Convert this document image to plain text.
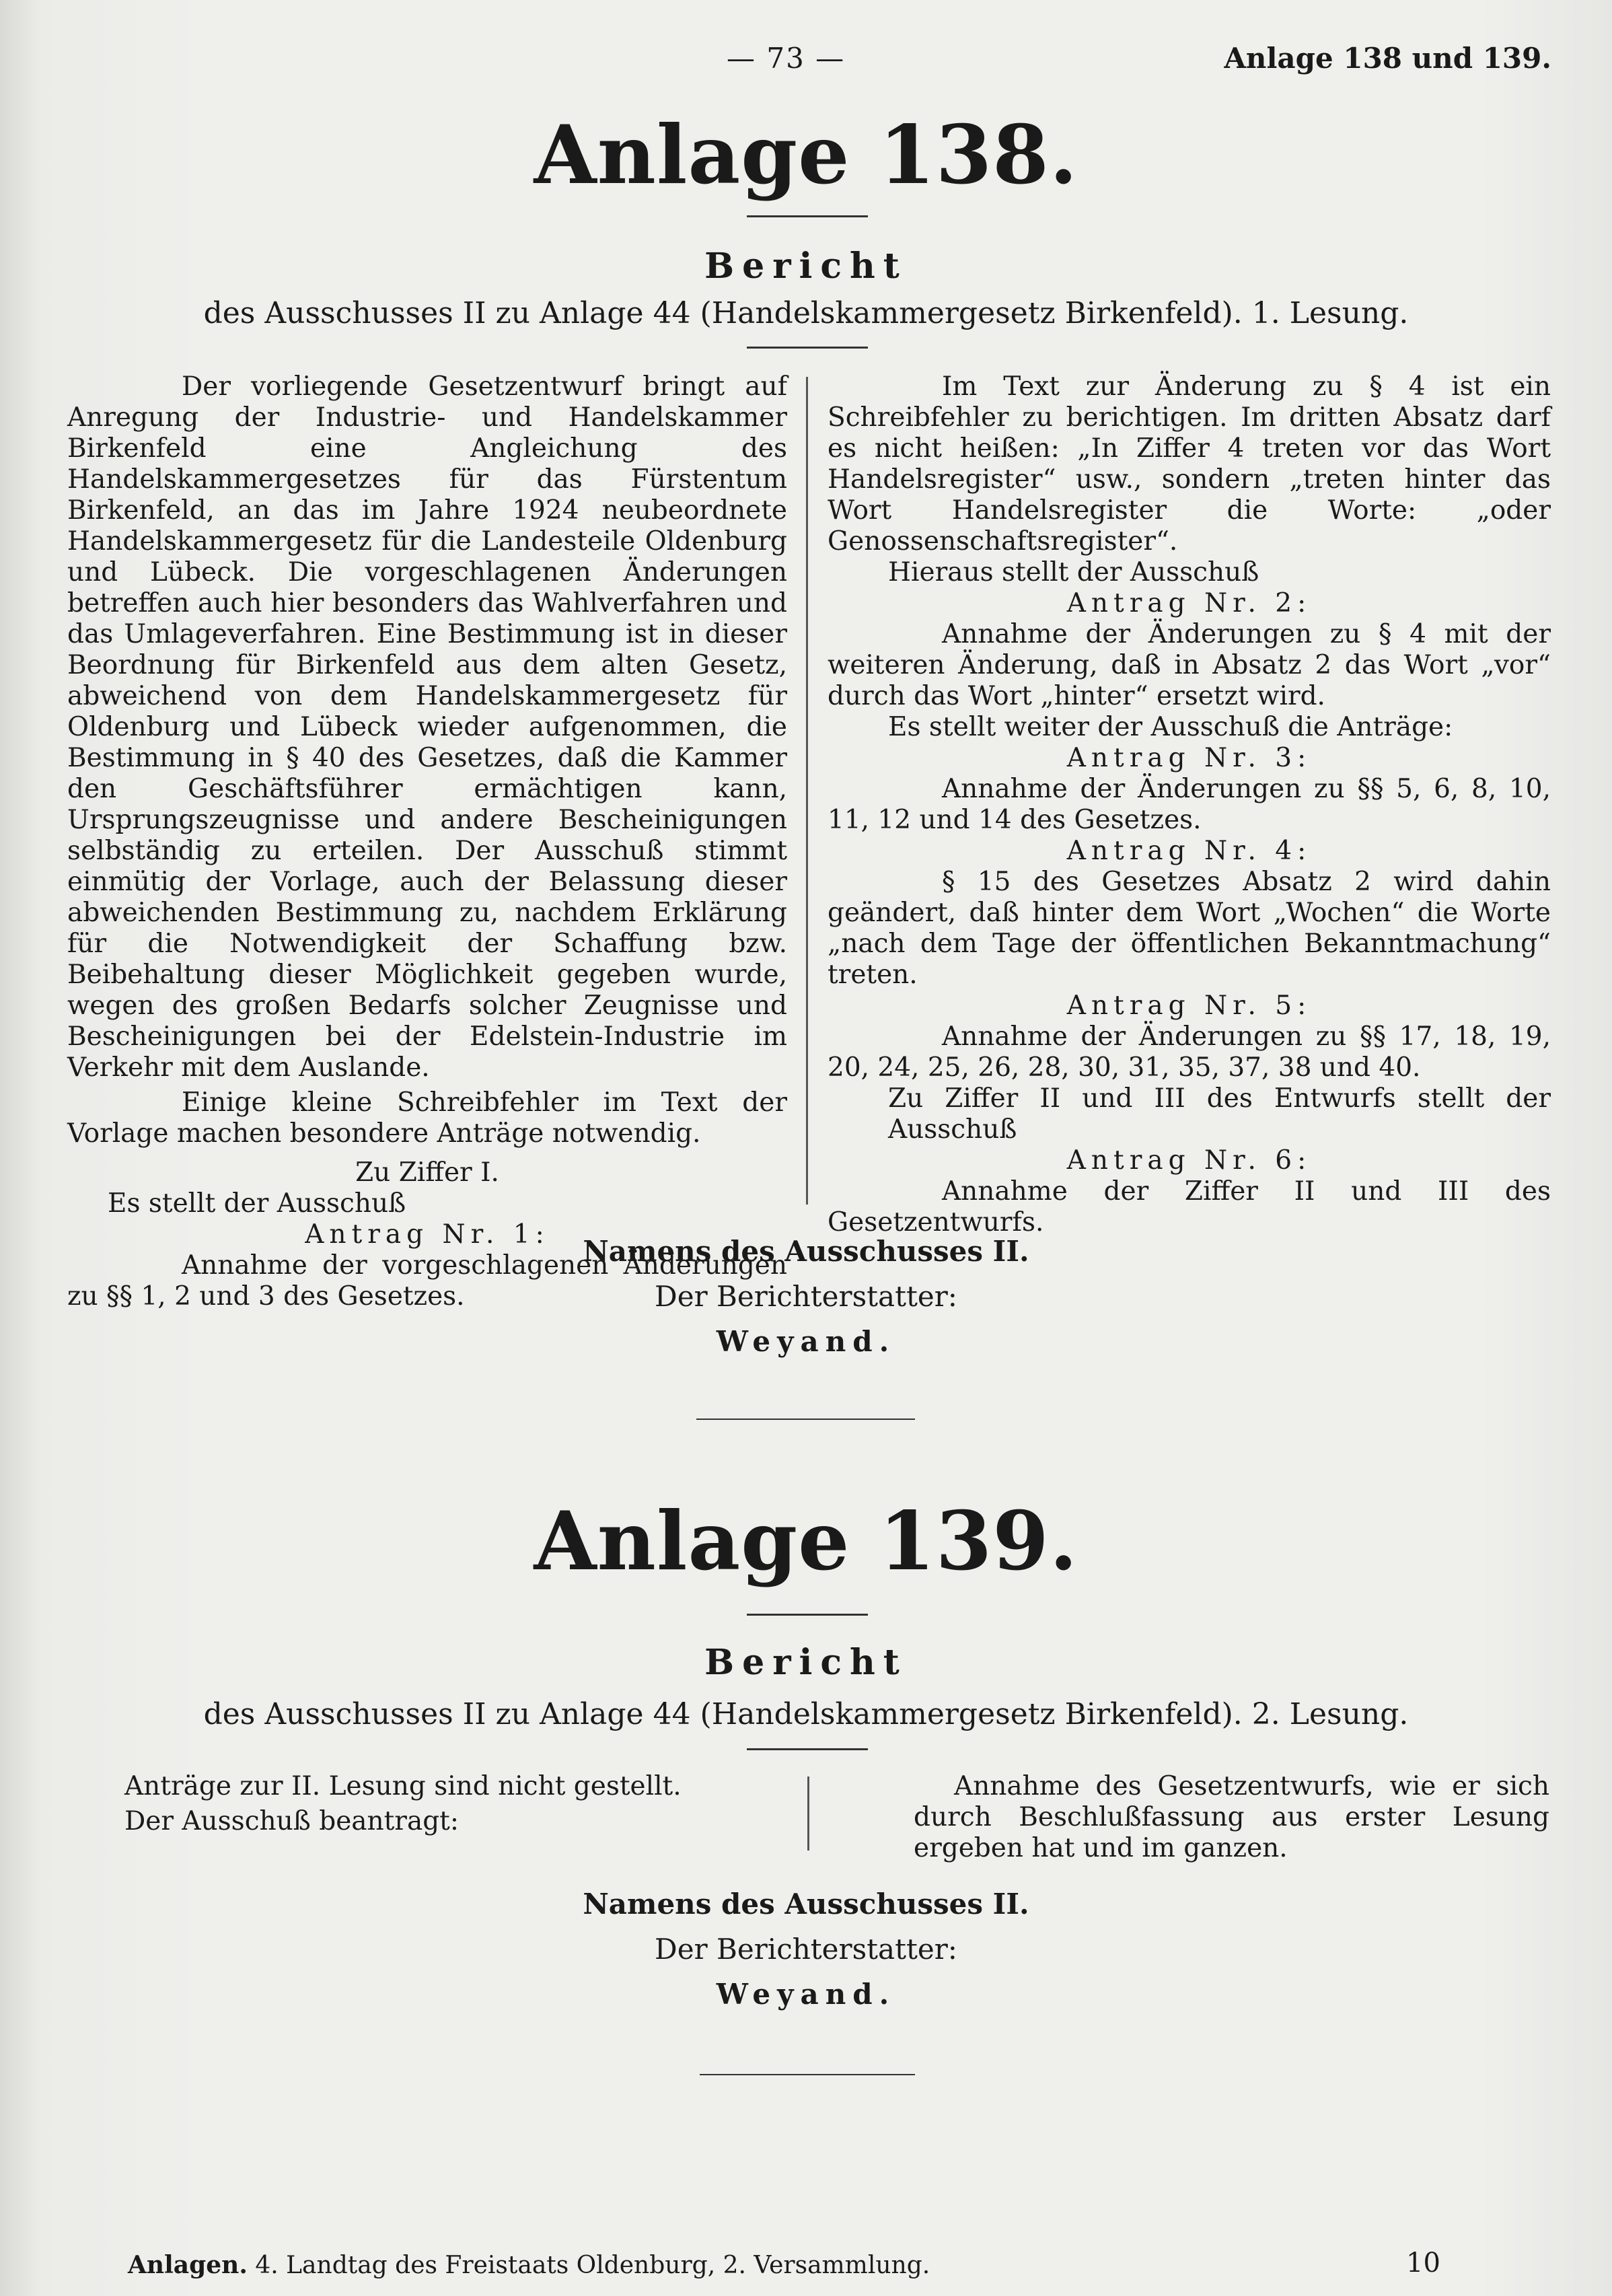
— 73 —	Anlage 138 und 139.
Anlage 138.
Bericht
des Ausschusses II zu Anlage 44 (Handelskammergesetz Birkenfeld). 1. Lesung.

Der vorliegende Gesetzentwurf bringt auf Anregung der Industrie- und Handelskammer Birkenfeld eine Angleichung des Handelskammergesetzes für das Fürstentum Birkenfeld, an das im Jahre 1924 neubeordnete Handelskammergesetz für die Landesteile Oldenburg und Lübeck. Die vorgeschlagenen Änderungen betreffen auch hier besonders das Wahlverfahren und das Umlageverfahren. Eine Bestimmung ist in dieser Beordnung für Birkenfeld aus dem alten Gesetz, abweichend von dem Handelskammergesetz für Oldenburg und Lübeck wieder aufgenommen, die Bestimmung in § 40 des Gesetzes, daß die Kammer den Geschäftsführer ermächtigen kann, Ursprungszeugnisse und andere Bescheinigungen selbständig zu erteilen. Der Ausschuß stimmt einmütig der Vorlage, auch der Belassung dieser abweichenden Bestimmung zu, nachdem Erklärung für die Notwendigkeit der Schaffung bzw. Beibehaltung dieser Möglichkeit gegeben wurde, wegen des großen Bedarfs solcher Zeugnisse und Bescheinigungen bei der Edelstein-Industrie im Verkehr mit dem Auslande.

Einige kleine Schreibfehler im Text der Vorlage machen besondere Anträge notwendig.

Zu Ziffer I.

Es stellt der Ausschuß

Antrag Nr. 1:

Annahme der vorgeschlagenen Änderungen zu §§ 1, 2 und 3 des Gesetzes.

Im Text zur Änderung zu § 4 ist ein Schreibfehler zu berichtigen. Im dritten Absatz darf es nicht heißen: „In Ziffer 4 treten vor das Wort Handelsregister“ usw., sondern „treten hinter das Wort Handelsregister die Worte: „oder Genossenschaftsregister“.

Hieraus stellt der Ausschuß

Antrag Nr. 2:

Annahme der Änderungen zu § 4 mit der weiteren Änderung, daß in Absatz 2 das Wort „vor“ durch das Wort „hinter“ ersetzt wird.

Es stellt weiter der Ausschuß die Anträge:

Antrag Nr. 3:

Annahme der Änderungen zu §§ 5, 6, 8, 10, 11, 12 und 14 des Gesetzes.

Antrag Nr. 4:

§ 15 des Gesetzes Absatz 2 wird dahin geändert, daß hinter dem Wort „Wochen“ die Worte „nach dem Tage der öffentlichen Bekanntmachung“ treten.

Antrag Nr. 5:

Annahme der Änderungen zu §§ 17, 18, 19, 20, 24, 25, 26, 28, 30, 31, 35, 37, 38 und 40.

Zu Ziffer II und III des Entwurfs stellt der Ausschuß

Antrag Nr. 6:

Annahme der Ziffer II und III des Gesetzentwurfs.

Namens des Ausschusses II.
Der Berichterstatter:
Weyand.
Anlage 139.
Bericht
des Ausschusses II zu Anlage 44 (Handelskammergesetz Birkenfeld). 2. Lesung.

Anträge zur II. Lesung sind nicht gestellt.

Der Ausschuß beantragt:

Annahme des Gesetzentwurfs, wie er sich durch Beschlußfassung aus erster Lesung ergeben hat und im ganzen.

Namens des Ausschusses II.
Der Berichterstatter:
Weyand.
Anlagen. 4. Landtag des Freistaats Oldenburg, 2. Versammlung.	10
